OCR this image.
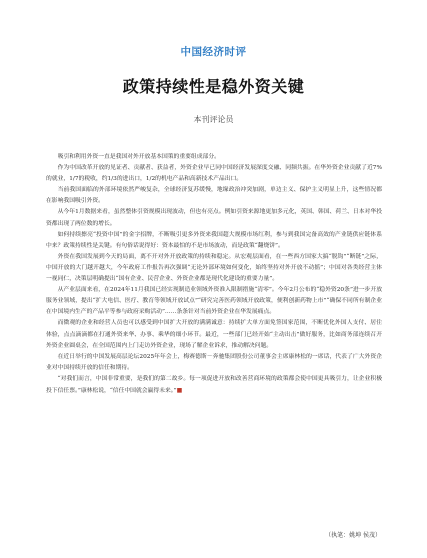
中国经济时评
政策持续性是稳外资关键
本刊评论员

吸引和利用外资一直是我国对外开放基本国策的重要组成部分。

作为中国改革开放的见证者、贡献者、获益者，外资企业早已同中国经济发展深度交融、同频共振。在华外资企业贡献了近7%的就业，1/7的税收，约1/3的进出口，1/2的机电产品和高新技术产品出口。

当前我国面临的外部环境依然严峻复杂，全球经济复苏缓慢，地缘政治冲突加剧，单边主义、保护主义明显上升，这些情况都在影响我国吸引外资。

从今年1月数据来看，虽然整体引资规模出现波动，但也有亮点。例如引资来源地更加多元化，英国、韩国、荷兰、日本对华投资都出现了两位数的增长。

如何持续擦亮“投资中国”的金字招牌，不断吸引更多外资来我国超大规模市场红利，参与到我国完备高效的产业链供应链体系中来？政策持续性是关键。有句俗话说得好：资本最怕的不是市场波动，而是政策“翻烧饼”。

外资在我国发展到今天的局面，离不开对外开放政策的持续和稳定。从宏观层面看，在一些西方国家大搞“脱钩”“断链”之际，中国开放的大门越开越大，今年政府工作报告再次强调“无论外部环境如何变化，始终坚持对外开放不动摇”；中国对各类经营主体一视同仁，决策层明确提出“国有企业、民营企业、外资企业都是现代化建设的重要力量”。

从产业层面来看，在2024年11月我国已经实现制造业领域外资准入限制措施“清零”。今年2月公布的“稳外资20条”进一步开放服务业领域，提出“扩大电信、医疗、教育等领域开放试点”“研究完善医药领域开放政策，便利创新药物上市”“确保不同所有制企业在中国境内生产的产品平等参与政府采购活动”……条条针对当前外资企业在华发展痛点。

而微观的企业和经营人员也可以感受到中国扩大开放的满满诚意：持续扩大单方面免签国家范围，不断优化外国人支付、居住体验，点点滴滴都在打通外资来华、办事、乘华的细小环节。最近，一些部门已经开始“主动出击”做好服务，比如商务部连续召开外资企业圆桌会，在全国范围内上门走访外资企业，现场了解企业诉求，推动解决问题。

在近日举行的中国发展高层论坛2025年年会上，梅赛德斯－奔驰集团股份公司董事会主席康林松的一席话，代表了广大外资企业对中国持续开放的信任和期待。

“对我们而言，中国非常重要，是我们的第二故乡。每一项促进开放和改善营商环境的政策都会使中国更具吸引力，让企业积极投下信任票。”康林松说，“信任中国就会赢得未来。”■

（执笔：姚坤 侯茂）
